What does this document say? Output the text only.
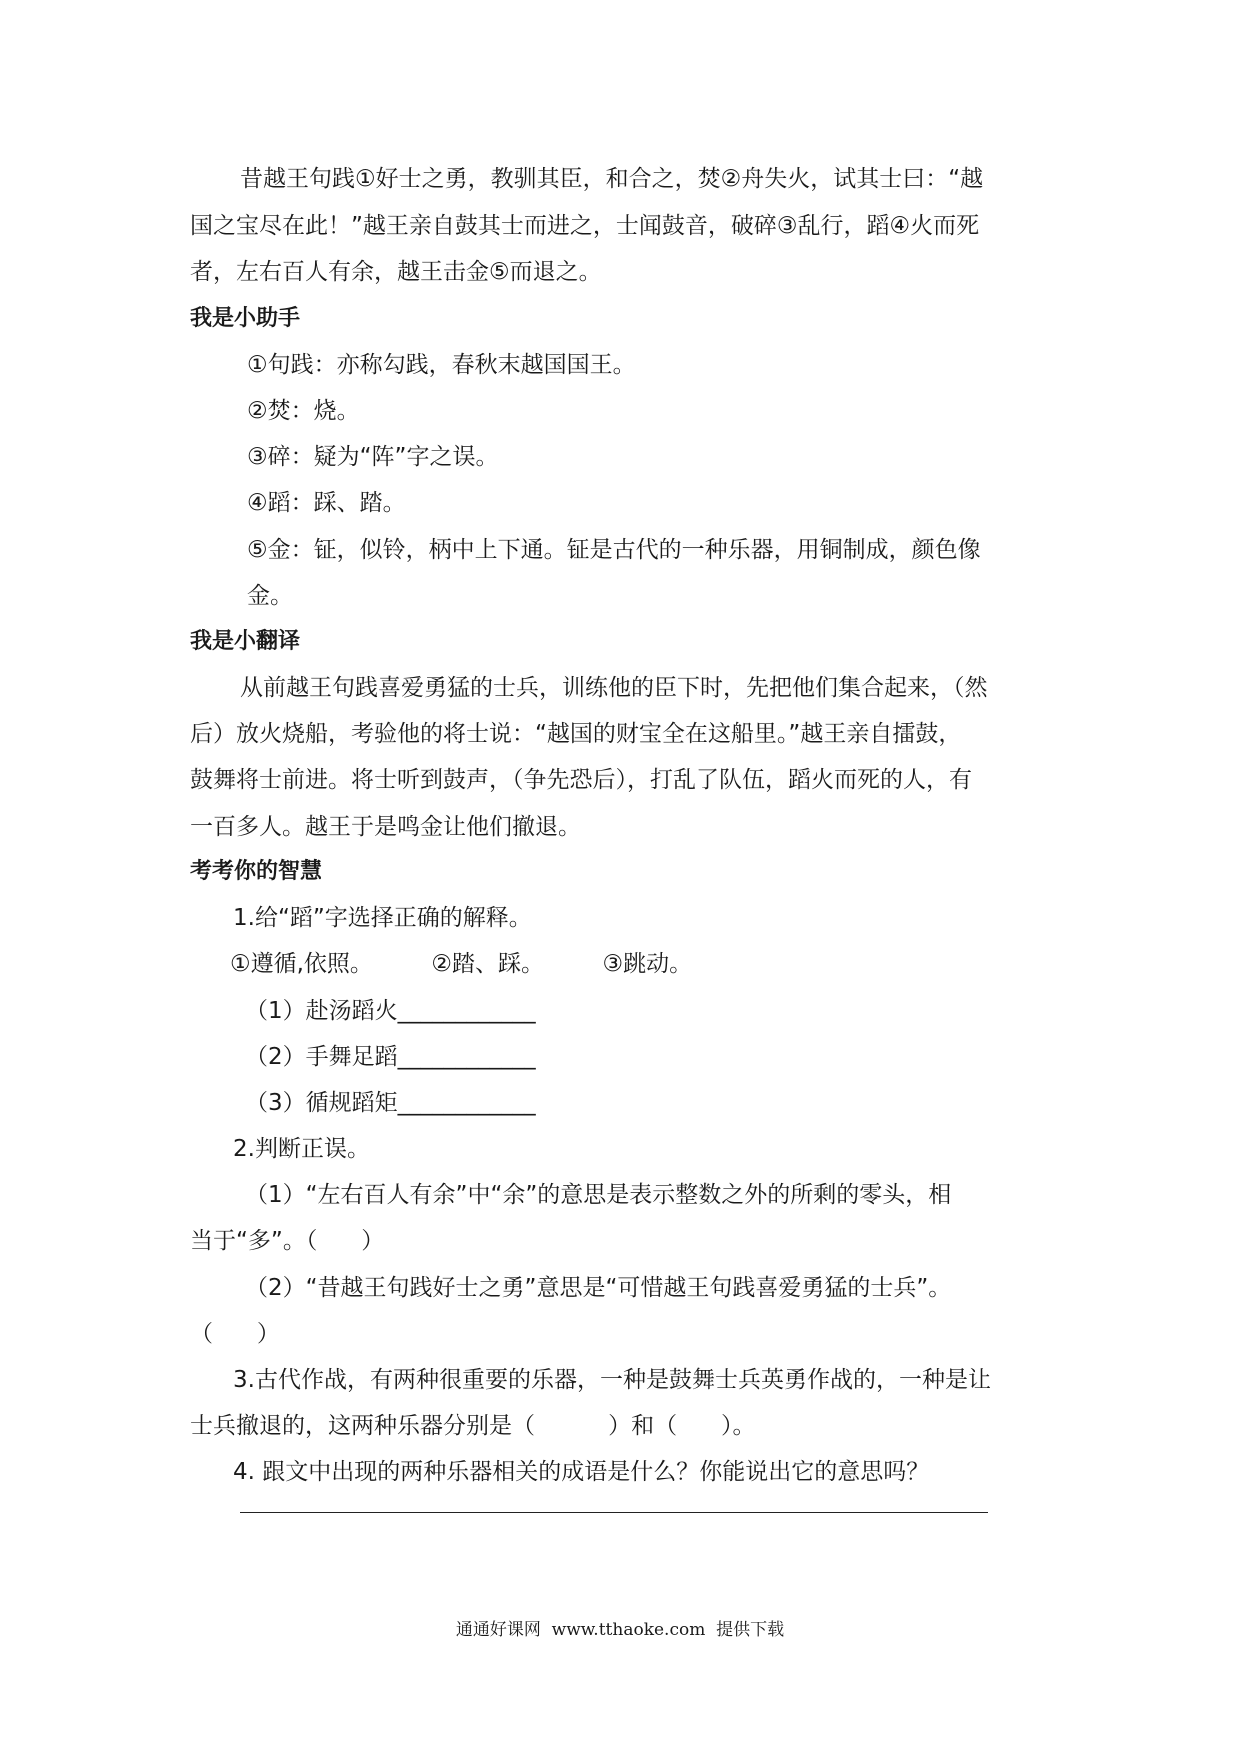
昔越王句践①好士之勇，教驯其臣，和合之，焚②舟失火，试其士曰：“越
国之宝尽在此！”越王亲自鼓其士而进之，士闻鼓音，破碎③乱行，蹈④火而死
者，左右百人有余，越王击金⑤而退之。
我是小助手
①句践：亦称勾践，春秋末越国国王。
②焚：烧。
③碎：疑为“阵”字之误。
④蹈：踩、踏。
⑤金：钲，似铃，柄中上下通。钲是古代的一种乐器，用铜制成，颜色像
金。
我是小翻译
从前越王句践喜爱勇猛的士兵，训练他的臣下时，先把他们集合起来，（然
后）放火烧船，考验他的将士说：“越国的财宝全在这船里。”越王亲自擂鼓，
鼓舞将士前进。将士听到鼓声，（争先恐后），打乱了队伍，蹈火而死的人，有
一百多人。越王于是鸣金让他们撤退。
考考你的智慧
1.给“蹈”字选择正确的解释。
①遵循,依照。        ②踏、踩。        ③跳动。
（1）赴汤蹈火____________
（2）手舞足蹈____________
（3）循规蹈矩____________
2.判断正误。
（1）“左右百人有余”中“余”的意思是表示整数之外的所剩的零头，相
当于“多”。（      ）
（2）“昔越王句践好士之勇”意思是“可惜越王句践喜爱勇猛的士兵”。
（      ）
3.古代作战，有两种很重要的乐器，一种是鼓舞士兵英勇作战的，一种是让
士兵撤退的，这两种乐器分别是（          ）和（      ）。
4. 跟文中出现的两种乐器相关的成语是什么？你能说出它的意思吗？
通通好课网  www.tthaoke.com  提供下载
